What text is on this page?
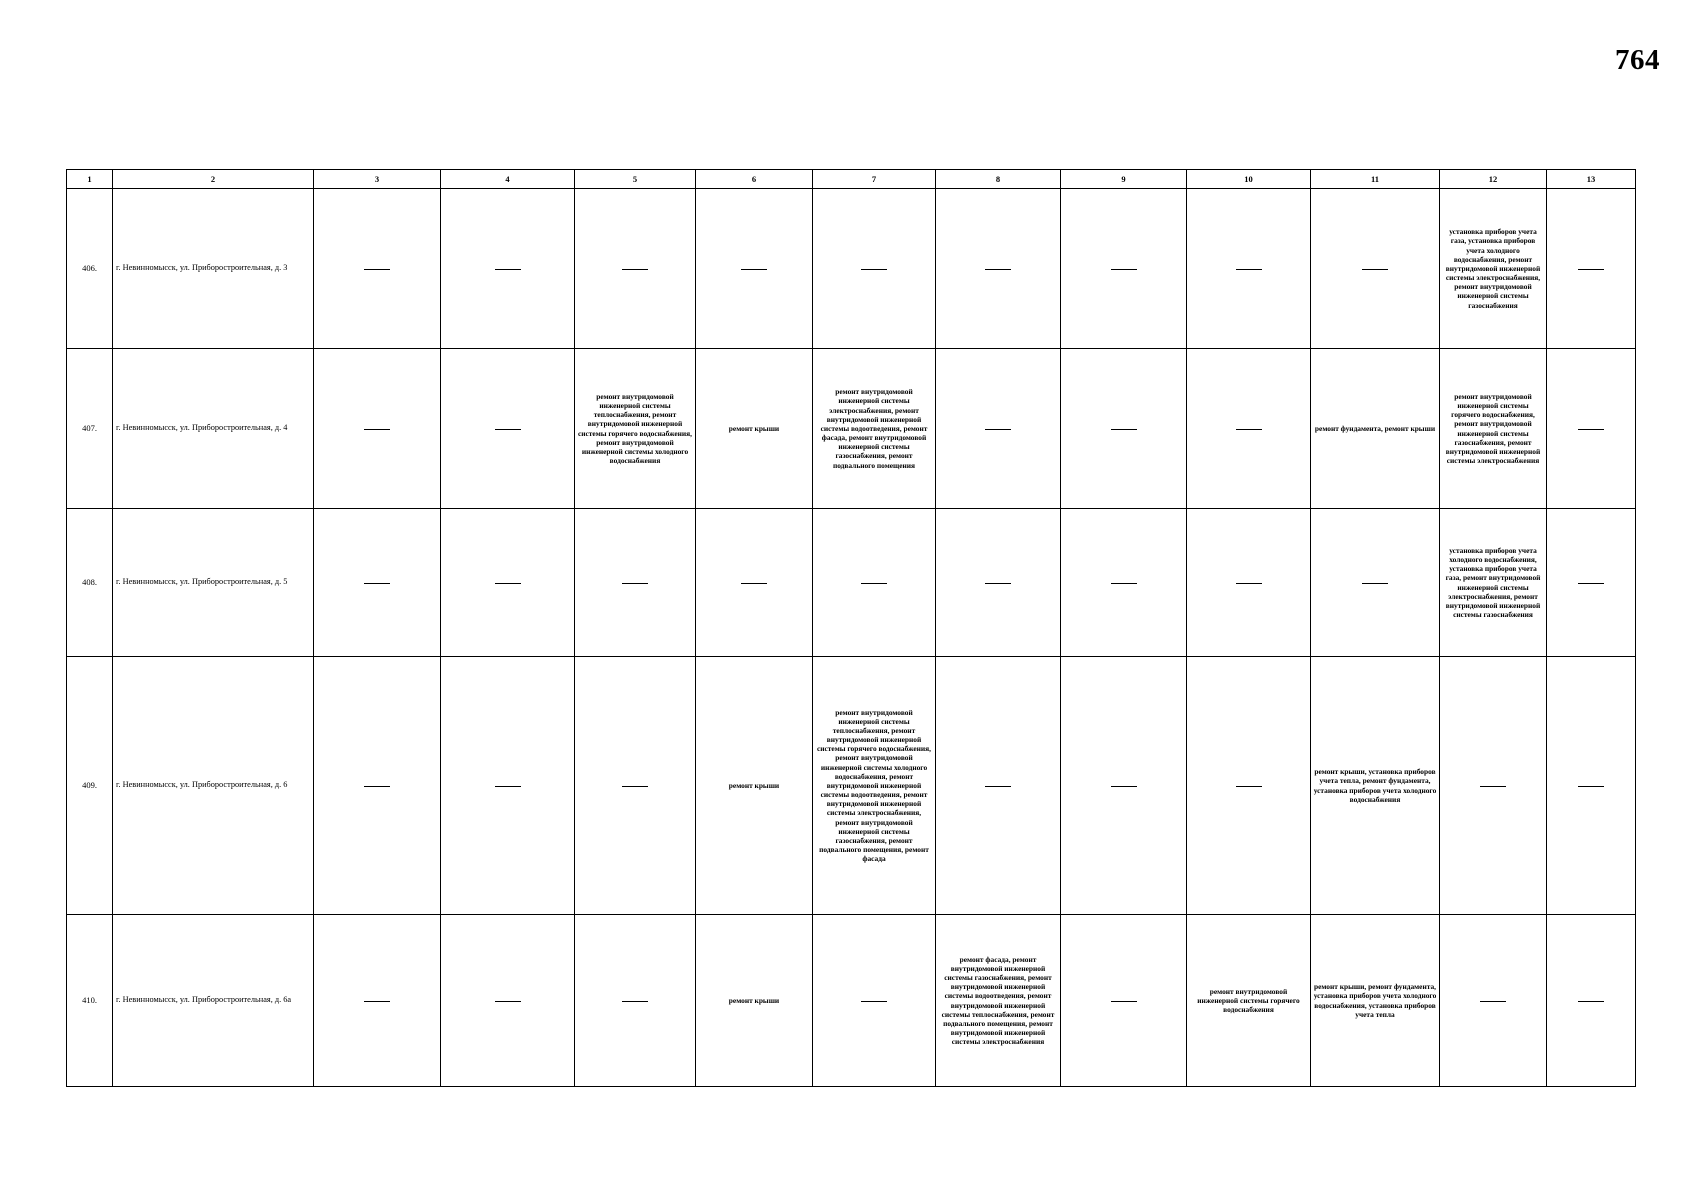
764
1	2	3	4	5	6	7	8	9	10	11	12	13
406.	г. Невинномысск, ул. Приборостроительная, д. 3										установка приборов учета газа, установка приборов учета холодного водоснабжения, ремонт внутридомовой инженерной системы электроснабжения, ремонт внутридомовой инженерной системы газоснабжения	
407.	г. Невинномысск, ул. Приборостроительная, д. 4			ремонт внутридомовой инженерной системы теплоснабжения, ремонт внутридомовой инженерной системы горячего водоснабжения, ремонт внутридомовой инженерной системы холодного водоснабжения	ремонт крыши	ремонт внутридомовой инженерной системы электроснабжения, ремонт внутридомовой инженерной системы водоотведения, ремонт фасада, ремонт внутридомовой инженерной системы газоснабжения, ремонт подвального помещения				ремонт фундамента, ремонт крыши	ремонт внутридомовой инженерной системы горячего водоснабжения, ремонт внутридомовой инженерной системы газоснабжения, ремонт внутридомовой инженерной системы электроснабжения	
408.	г. Невинномысск, ул. Приборостроительная, д. 5										установка приборов учета холодного водоснабжения, установка приборов учета газа, ремонт внутридомовой инженерной системы электроснабжения, ремонт внутридомовой инженерной системы газоснабжения	
409.	г. Невинномысск, ул. Приборостроительная, д. 6				ремонт крыши	ремонт внутридомовой инженерной системы теплоснабжения, ремонт внутридомовой инженерной системы горячего водоснабжения, ремонт внутридомовой инженерной системы холодного водоснабжения, ремонт внутридомовой инженерной системы водоотведения, ремонт внутридомовой инженерной системы электроснабжения, ремонт внутридомовой инженерной системы газоснабжения, ремонт подвального помещения, ремонт фасада				ремонт крыши, установка приборов учета тепла, ремонт фундамента, установка приборов учета холодного водоснабжения		
410.	г. Невинномысск, ул. Приборостроительная, д. 6а				ремонт крыши		ремонт фасада, ремонт внутридомовой инженерной системы газоснабжения, ремонт внутридомовой инженерной системы водоотведения, ремонт внутридомовой инженерной системы теплоснабжения, ремонт подвального помещения, ремонт внутридомовой инженерной системы электроснабжения		ремонт внутридомовой инженерной системы горячего водоснабжения	ремонт крыши, ремонт фундамента, установка приборов учета холодного водоснабжения, установка приборов учета тепла		
